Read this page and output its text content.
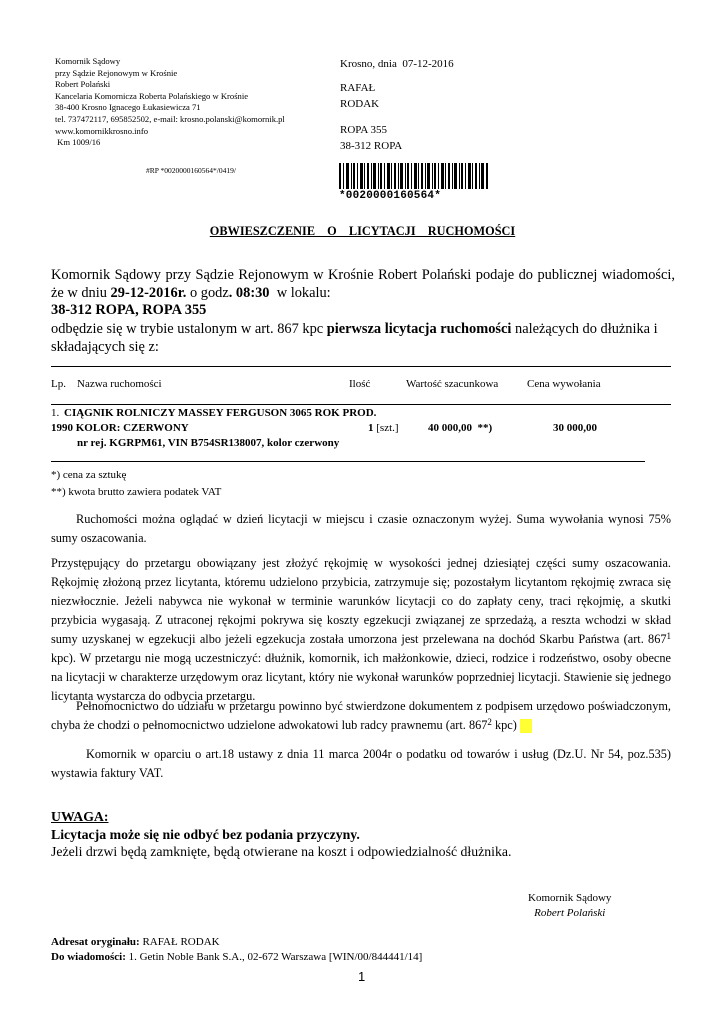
Komornik Sądowy
przy Sądzie Rejonowym w Krośnie
Robert Polański
Kancelaria Komornicza Roberta Polańskiego w Krośnie
38-400 Krosno Ignacego Łukasiewicza 71
tel. 737472117, 695852502, e-mail: krosno.polanski@komornik.pl
www.komornikkrosno.info
Km 1009/16
Krosno, dnia  07-12-2016
RAFAŁ
RODAK
ROPA 355
38-312 ROPA
#RP *0020000160564*/0419/
*0020000160564*
OBWIESZCZENIE  O  LICYTACJI  RUCHOMOŚCI
Komornik Sądowy przy Sądzie Rejonowym w Krośnie Robert Polański podaje do publicznej wiadomości, że w dniu 29-12-2016r. o godz. 08:30  w lokalu:
38-312 ROPA, ROPA 355
odbędzie się w trybie ustalonym w art. 867 kpc pierwsza licytacja ruchomości należących do dłużnika i składających się z:
Lp. Nazwa ruchomości	Ilość	Wartość szacunkowa	Cena wywołania
1. CIĄGNIK ROLNICZY MASSEY FERGUSON 3065 ROK PROD.
1990 KOLOR: CZERWONY
nr rej. KGRPM61, VIN B754SR138007, kolor czerwony
1 [szt.]	40 000,00  **)	30 000,00
*) cena za sztukę
**) kwota brutto zawiera podatek VAT
Ruchomości można oglądać w dzień licytacji w miejscu i czasie oznaczonym wyżej. Suma wywołania wynosi 75% sumy oszacowania.
Przystępujący do przetargu obowiązany jest złożyć rękojmię w wysokości jednej dziesiątej części sumy oszacowania. Rękojmię złożoną przez licytanta, któremu udzielono przybicia, zatrzymuje się; pozostałym licytantom rękojmię zwraca się niezwłocznie. Jeżeli nabywca nie wykonał w terminie warunków licytacji co do zapłaty ceny, traci rękojmię, a skutki przybicia wygasają. Z utraconej rękojmi pokrywa się koszty egzekucji związanej ze sprzedażą, a reszta wchodzi w skład sumy uzyskanej w egzekucji albo jeżeli egzekucja została umorzona jest przelewana na dochód Skarbu Państwa (art. $867^1$ kpc). W przetargu nie mogą uczestniczyć: dłużnik, komornik, ich małżonkowie, dzieci, rodzice i rodzeństwo, osoby obecne na licytacji w charakterze urzędowym oraz licytant, który nie wykonał warunków poprzedniej licytacji. Stawienie się jednego licytanta wystarcza do odbycia przetargu.
Pełnomocnictwo do udziału w przetargu powinno być stwierdzone dokumentem z podpisem urzędowo poświadczonym, chyba że chodzi o pełnomocnictwo udzielone adwokatowi lub radcy prawnemu (art. $867^2$ kpc)
Komornik w oparciu o art.18 ustawy z dnia 11 marca 2004r o podatku od towarów i usług (Dz.U. Nr 54, poz.535) wystawia faktury VAT.
UWAGA:
Licytacja może się nie odbyć bez podania przyczyny.
Jeżeli drzwi będą zamknięte, będą otwierane na koszt i odpowiedzialność dłużnika.
Komornik Sądowy
Robert Polański
Adresat oryginału: RAFAŁ RODAK
Do wiadomości: 1. Getin Noble Bank S.A., 02-672 Warszawa [WIN/00/844441/14]
1
